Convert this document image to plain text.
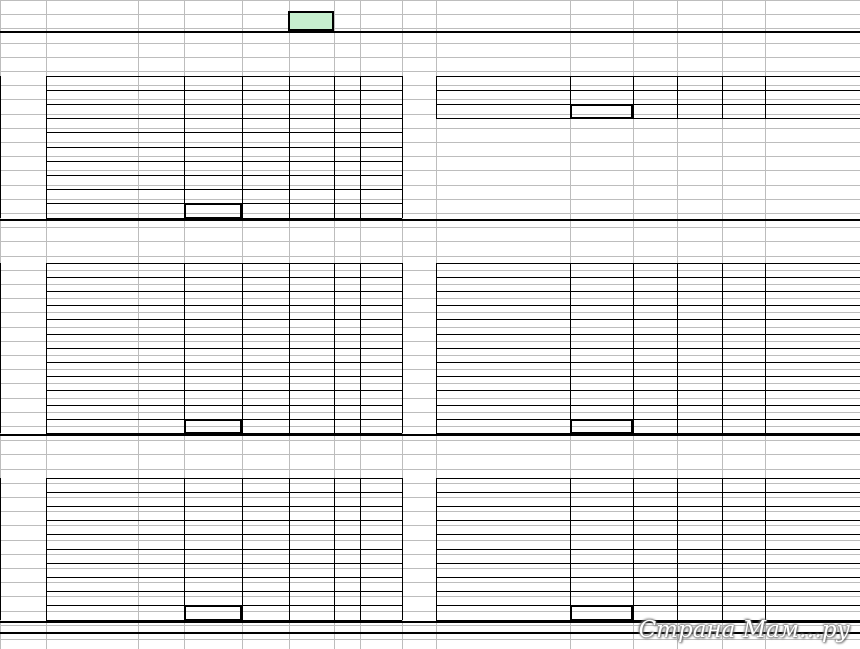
Страна Мам…ру
